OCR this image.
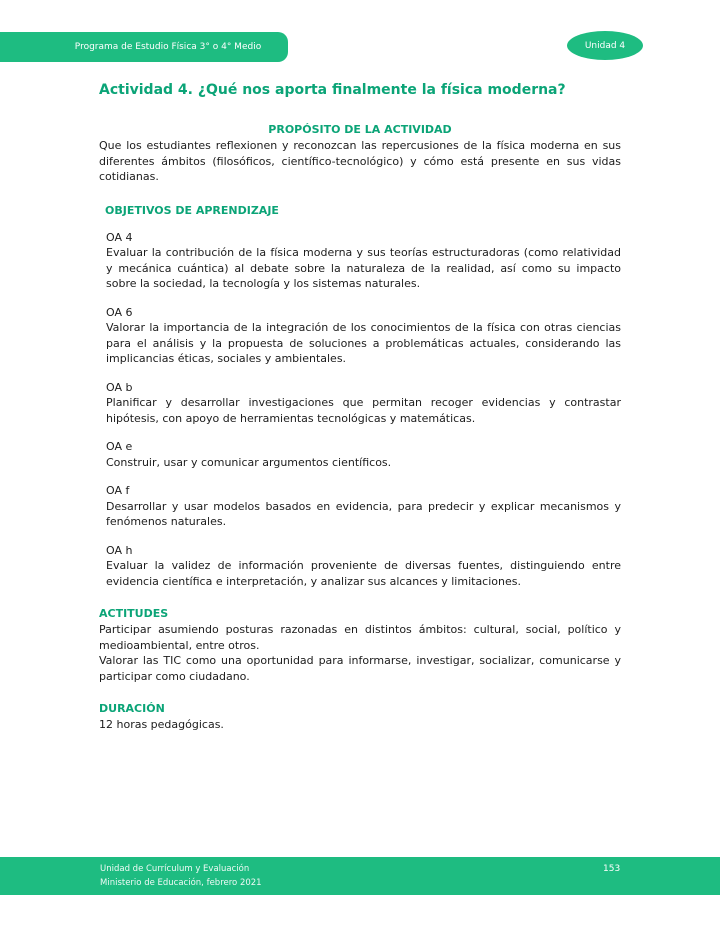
Programa de Estudio Física 3° o 4° Medio	Unidad 4
Actividad 4. ¿Qué nos aporta finalmente la física moderna?
PROPÓSITO DE LA ACTIVIDAD

Que los estudiantes reflexionen y reconozcan las repercusiones de la física moderna en sus diferentes ámbitos (filosóficos, científico-tecnológico) y cómo está presente en sus vidas cotidianas.

OBJETIVOS DE APRENDIZAJE
OA 4

Evaluar la contribución de la física moderna y sus teorías estructuradoras (como relatividad y mecánica cuántica) al debate sobre la naturaleza de la realidad, así como su impacto sobre la sociedad, la tecnología y los sistemas naturales.

OA 6

Valorar la importancia de la integración de los conocimientos de la física con otras ciencias para el análisis y la propuesta de soluciones a problemáticas actuales, considerando las implicancias éticas, sociales y ambientales.

OA b

Planificar y desarrollar investigaciones que permitan recoger evidencias y contrastar hipótesis, con apoyo de herramientas tecnológicas y matemáticas.

OA e

Construir, usar y comunicar argumentos científicos.

OA f

Desarrollar y usar modelos basados en evidencia, para predecir y explicar mecanismos y fenómenos naturales.

OA h

Evaluar la validez de información proveniente de diversas fuentes, distinguiendo entre evidencia científica e interpretación, y analizar sus alcances y limitaciones.

ACTITUDES

Participar asumiendo posturas razonadas en distintos ámbitos: cultural, social, político y medioambiental, entre otros.

Valorar las TIC como una oportunidad para informarse, investigar, socializar, comunicarse y participar como ciudadano.

DURACIÓN

12 horas pedagógicas.

Unidad de Currículum y Evaluación
Ministerio de Educación, febrero 2021
153
